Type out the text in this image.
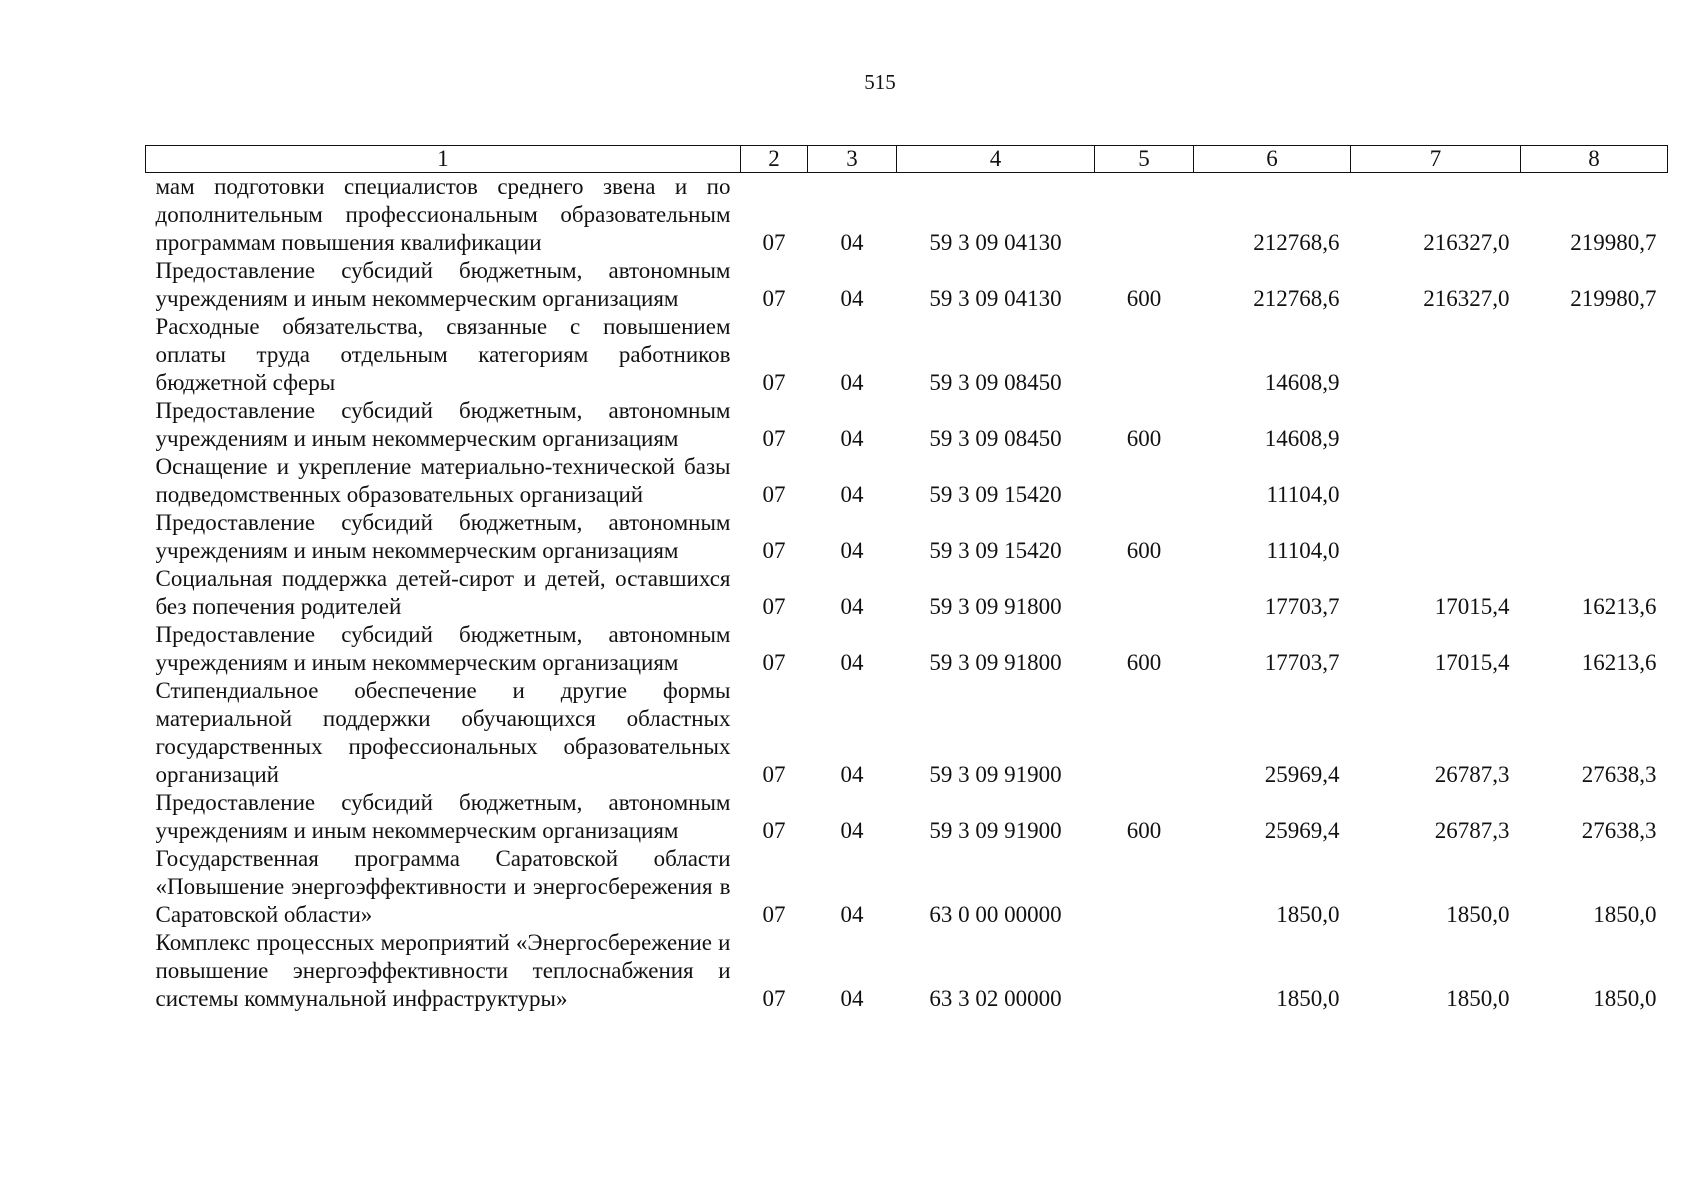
515
1	2	3	4	5	6	7	8
мам подготовки специалистов среднего звена и по дополнительным профессиональным образовательным программам повышения квалификации	07	04	59 3 09 04130		212768,6	216327,0	219980,7
Предоставление субсидий бюджетным, автономным учреждениям и иным некоммерческим организациям	07	04	59 3 09 04130	600	212768,6	216327,0	219980,7
Расходные обязательства, связанные с повышением оплаты труда отдельным категориям работников бюджетной сферы	07	04	59 3 09 08450		14608,9		
Предоставление субсидий бюджетным, автономным учреждениям и иным некоммерческим организациям	07	04	59 3 09 08450	600	14608,9		
Оснащение и укрепление материально-технической базы подведомственных образовательных организаций	07	04	59 3 09 15420		11104,0		
Предоставление субсидий бюджетным, автономным учреждениям и иным некоммерческим организациям	07	04	59 3 09 15420	600	11104,0		
Социальная поддержка детей-сирот и детей, оставшихся без попечения родителей	07	04	59 3 09 91800		17703,7	17015,4	16213,6
Предоставление субсидий бюджетным, автономным учреждениям и иным некоммерческим организациям	07	04	59 3 09 91800	600	17703,7	17015,4	16213,6
Стипендиальное обеспечение и другие формы материальной поддержки обучающихся областных государственных профессиональных образовательных организаций	07	04	59 3 09 91900		25969,4	26787,3	27638,3
Предоставление субсидий бюджетным, автономным учреждениям и иным некоммерческим организациям	07	04	59 3 09 91900	600	25969,4	26787,3	27638,3
Государственная программа Саратовской области «Повышение энергоэффективности и энергосбережения в Саратовской области»	07	04	63 0 00 00000		1850,0	1850,0	1850,0
Комплекс процессных мероприятий «Энергосбережение и повышение энергоэффективности теплоснабжения и системы коммунальной инфраструктуры»	07	04	63 3 02 00000		1850,0	1850,0	1850,0
